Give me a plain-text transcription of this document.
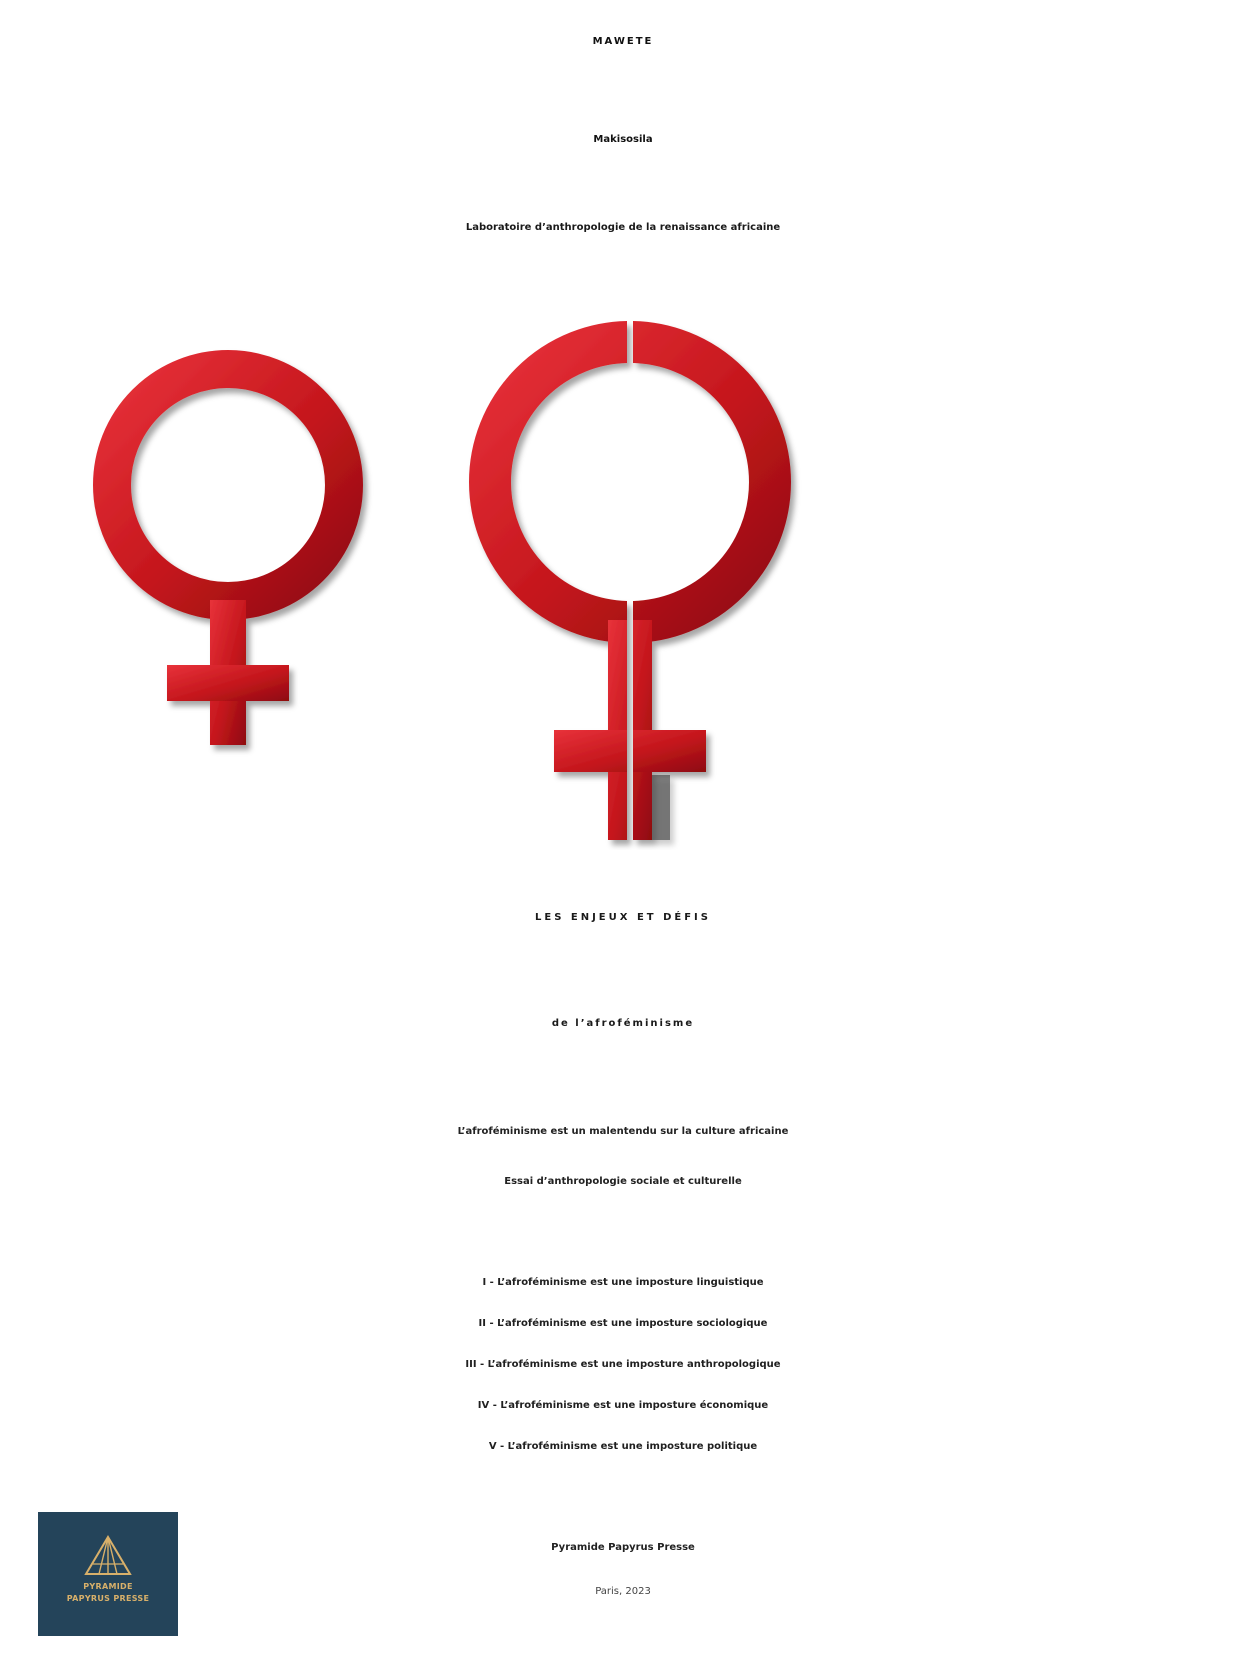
MAWETE
Makisosila
Laboratoire d’anthropologie de la renaissance africaine
LES ENJEUX ET DÉFIS
de l’afroféminisme
L’afroféminisme est un malentendu sur la culture africaine
Essai d’anthropologie sociale et culturelle
I - L’afroféminisme est une imposture linguistique
II - L’afroféminisme est une imposture sociologique
III - L’afroféminisme est une imposture anthropologique
IV - L’afroféminisme est une imposture économique
V - L’afroféminisme est une imposture politique
PYRAMIDE
PAPYRUS PRESSE
Pyramide Papyrus Presse
Paris, 2023
